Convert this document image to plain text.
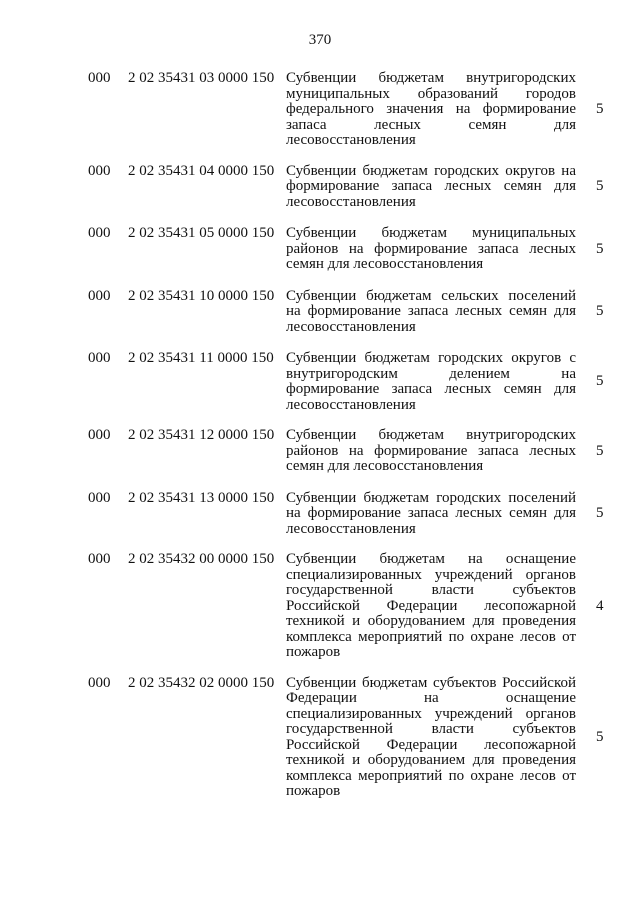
370
000 2 02 35431 03 0000 150 Субвенции бюджетам внутригородских муниципальных образований городов федерального значения на формирование запаса лесных семян для лесовосстановления
5
000 2 02 35431 04 0000 150 Субвенции бюджетам городских округов на формирование запаса лесных семян для лесовосстановления
5
000 2 02 35431 05 0000 150 Субвенции бюджетам муниципальных районов на формирование запаса лесных семян для лесовосстановления
5
000 2 02 35431 10 0000 150 Субвенции бюджетам сельских поселений на формирование запаса лесных семян для лесовосстановления
5
000 2 02 35431 11 0000 150 Субвенции бюджетам городских округов с внутригородским делением на формирование запаса лесных семян для лесовосстановления
5
000 2 02 35431 12 0000 150 Субвенции бюджетам внутригородских районов на формирование запаса лесных семян для лесовосстановления
5
000 2 02 35431 13 0000 150 Субвенции бюджетам городских поселений на формирование запаса лесных семян для лесовосстановления
5
000 2 02 35432 00 0000 150 Субвенции бюджетам на оснащение специализированных учреждений органов государственной власти субъектов Российской Федерации лесопожарной техникой и оборудованием для проведения комплекса мероприятий по охране лесов от пожаров
4
000 2 02 35432 02 0000 150 Субвенции бюджетам субъектов Российской Федерации на оснащение специализированных учреждений органов государственной власти субъектов Российской Федерации лесопожарной техникой и оборудованием для проведения комплекса мероприятий по охране лесов от пожаров
5
